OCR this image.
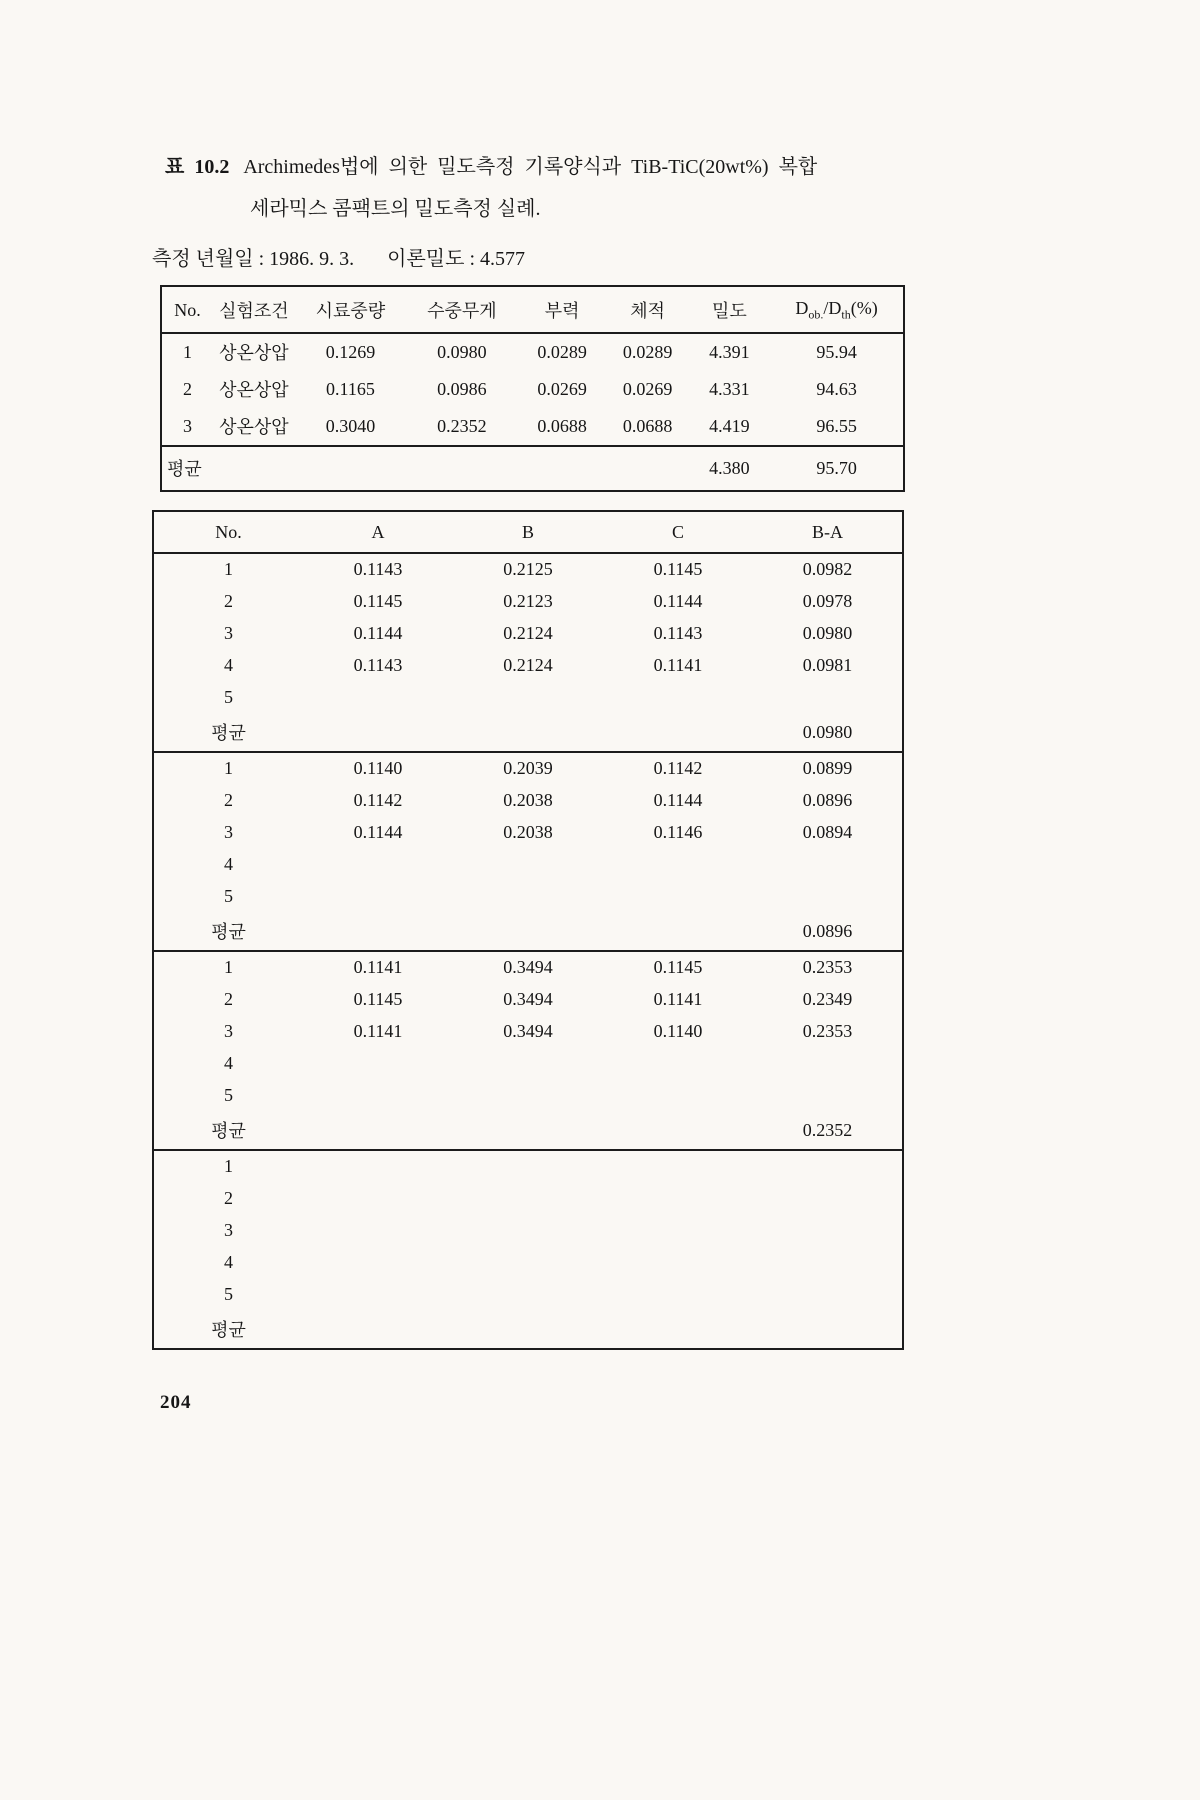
표 10.2 Archimedes법에 의한 밀도측정 기록양식과 TiB-TiC(20wt%) 복합
세라믹스 콤팩트의 밀도측정 실례.
측정 년월일 : 1986. 9. 3. 이론밀도 : 4.577
No.	실험조건	시료중량	수중무게	부력	체적	밀도	$D_{ob.}/D_{th}(\%)$
1	상온상압	0.1269	0.0980	0.0289	0.0289	4.391	95.94
2	상온상압	0.1165	0.0986	0.0269	0.0269	4.331	94.63
3	상온상압	0.3040	0.2352	0.0688	0.0688	4.419	96.55
평균						4.380	95.70
No.	A	B	C	B-A
1	0.1143	0.2125	0.1145	0.0982
2	0.1145	0.2123	0.1144	0.0978
3	0.1144	0.2124	0.1143	0.0980
4	0.1143	0.2124	0.1141	0.0981
5				
평균				0.0980
1	0.1140	0.2039	0.1142	0.0899
2	0.1142	0.2038	0.1144	0.0896
3	0.1144	0.2038	0.1146	0.0894
4				
5				
평균				0.0896
1	0.1141	0.3494	0.1145	0.2353
2	0.1145	0.3494	0.1141	0.2349
3	0.1141	0.3494	0.1140	0.2353
4				
5				
평균				0.2352
1				
2				
3				
4				
5				
평균				
204
